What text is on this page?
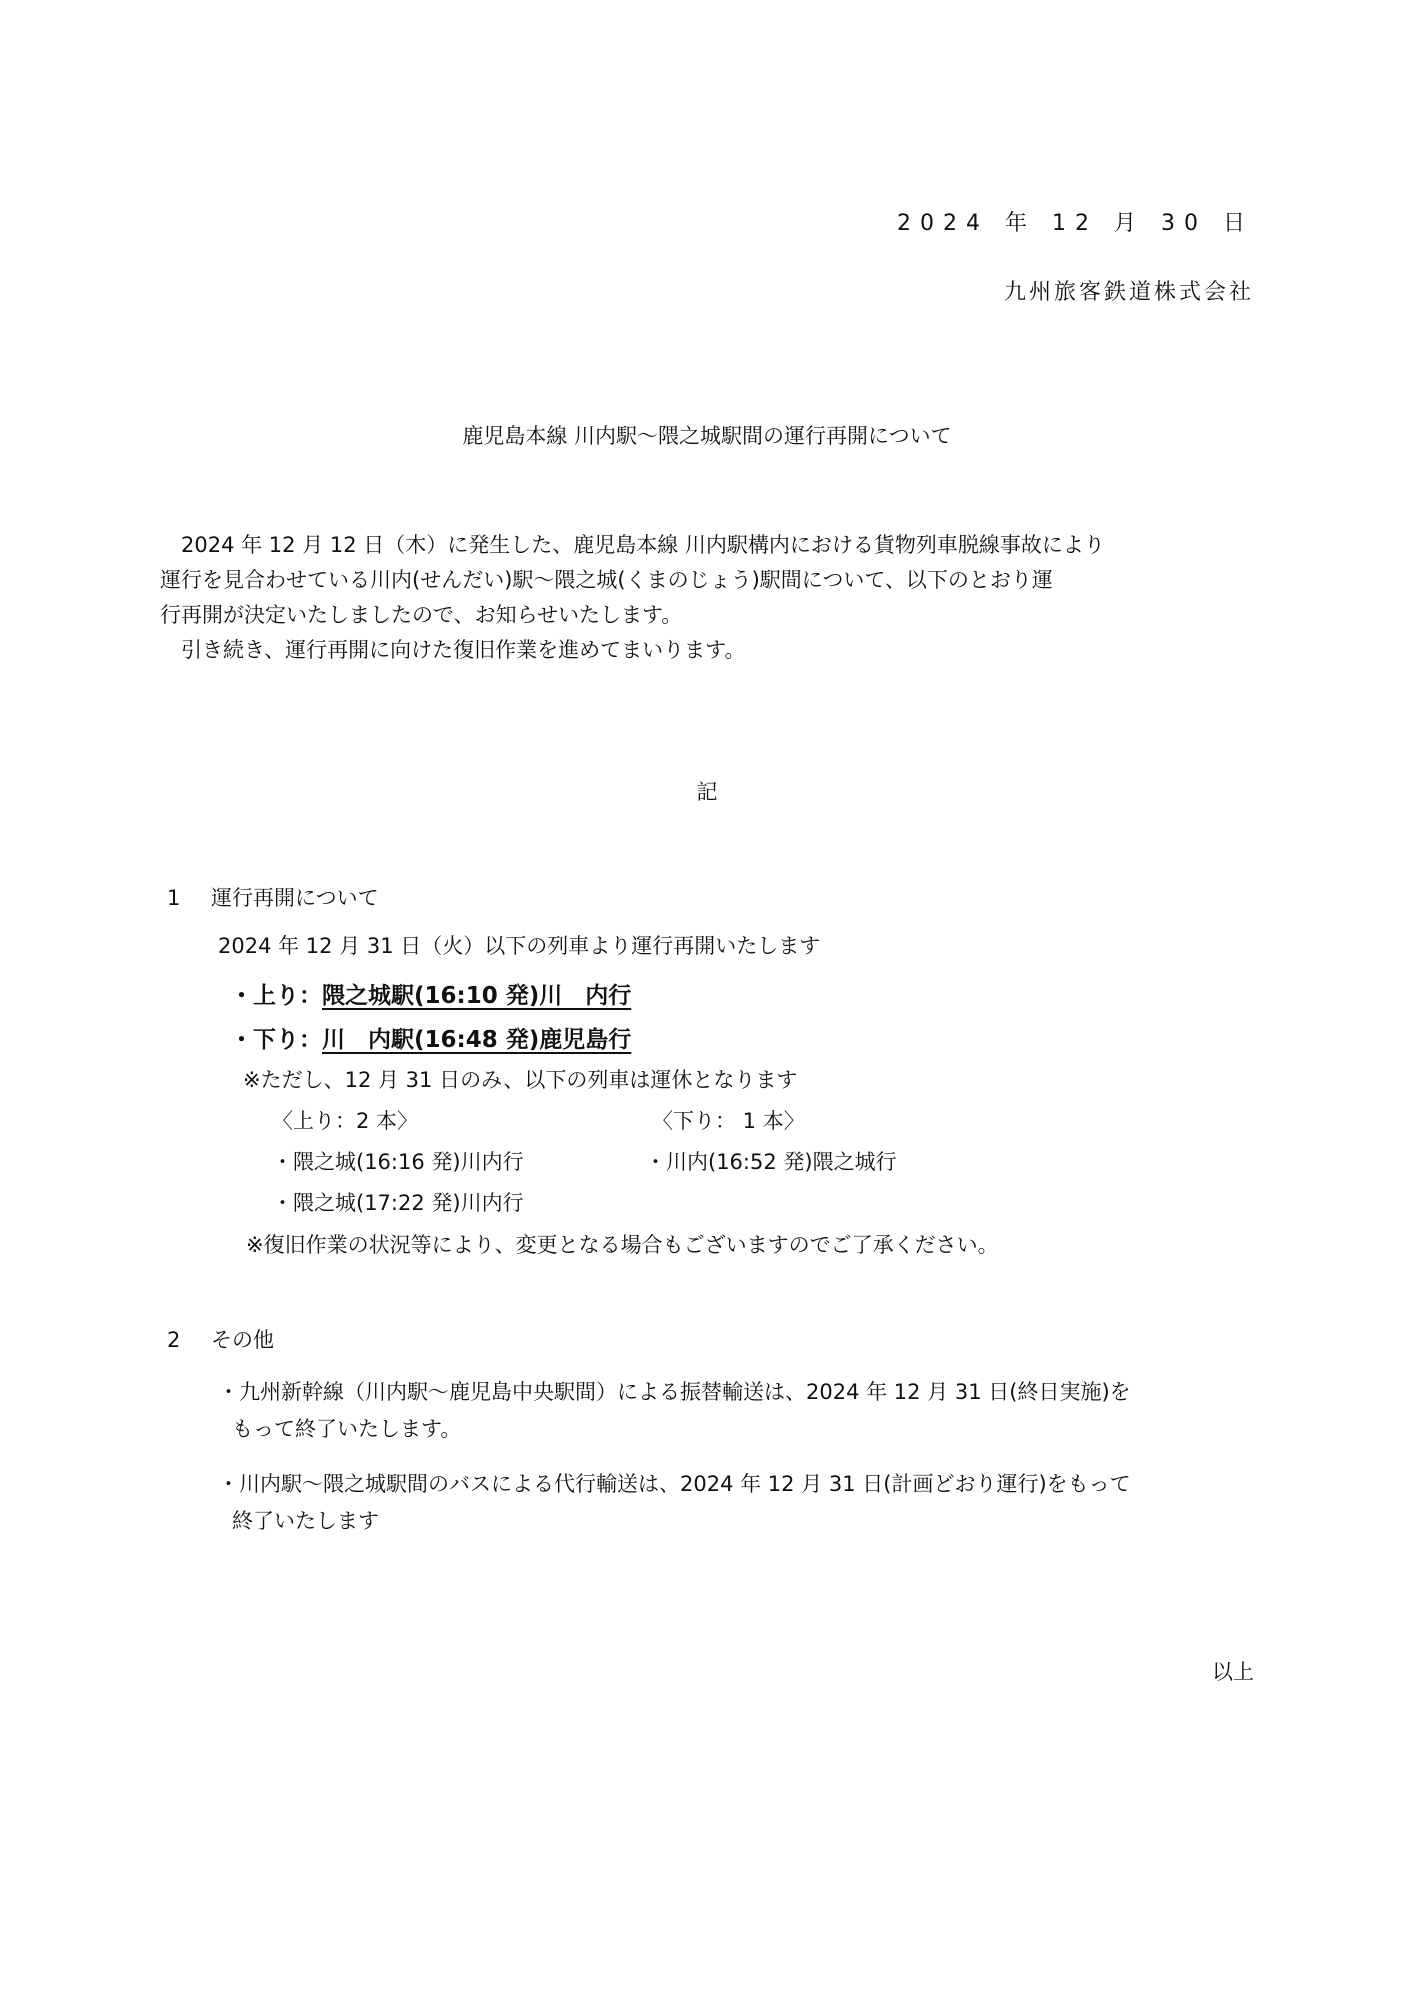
2024 年 12 月 30 日
九州旅客鉄道株式会社
鹿児島本線 川内駅～隈之城駅間の運行再開について

　2024 年 12 月 12 日（木）に発生した、鹿児島本線 川内駅構内における貨物列車脱線事故により

運行を見合わせている川内(せんだい)駅～隈之城(くまのじょう)駅間について、以下のとおり運

行再開が決定いたしましたので、お知らせいたします。

　引き続き、運行再開に向けた復旧作業を進めてまいります。

記
1 運行再開について
2024 年 12 月 31 日（火）以下の列車より運行再開いたします
・上り：隈之城駅(16:10 発)川　内行
・下り：川　内駅(16:48 発)鹿児島行
※ただし、12 月 31 日のみ、以下の列車は運休となります
〈上り：2 本〉	〈下り： 1 本〉
・隈之城(16:16 発)川内行
・隈之城(17:22 発)川内行
・川内(16:52 発)隈之城行
※復旧作業の状況等により、変更となる場合もございますのでご了承ください。
2 その他

・九州新幹線（川内駅～鹿児島中央駅間）による振替輸送は、2024 年 12 月 31 日(終日実施)を

もって終了いたします。

・川内駅～隈之城駅間のバスによる代行輸送は、2024 年 12 月 31 日(計画どおり運行)をもって

終了いたします

以上
